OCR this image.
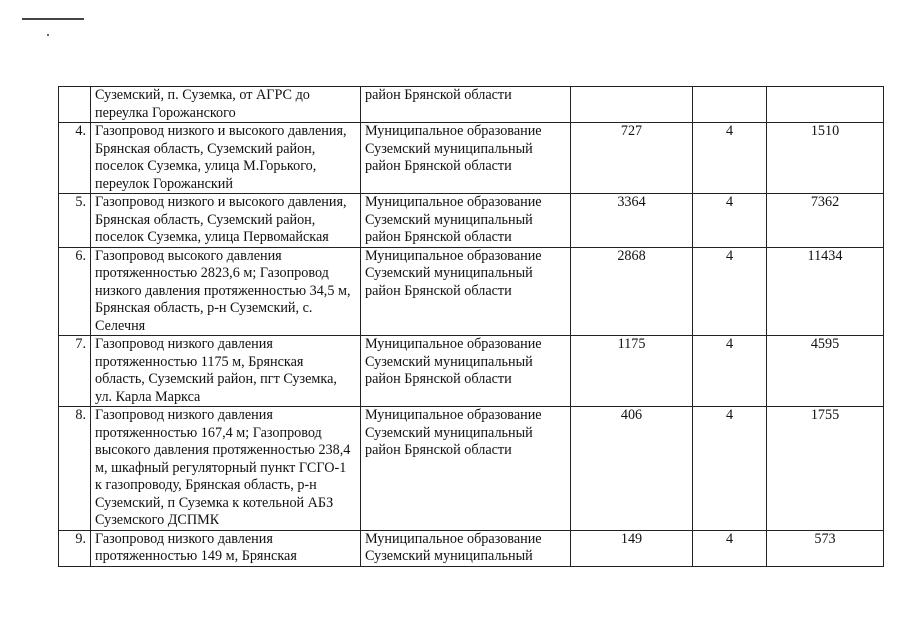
	Суземский, п. Суземка, от АГРС до переулка Горожанского	район Брянской области			
4.	Газопровод низкого и высокого давления, Брянская область, Суземский район, поселок Суземка, улица М.Горького, переулок Горожанский	Муниципальное образование Суземский муниципальный район Брянской области	727	4	1510
5.	Газопровод низкого и высокого давления, Брянская область, Суземский район, поселок Суземка, улица Первомайская	Муниципальное образование Суземский муниципальный район Брянской области	3364	4	7362
6.	Газопровод высокого давления протяженностью 2823,6 м; Газопровод низкого давления протяженностью 34,5 м, Брянская область, р-н Суземский, с. Селечня	Муниципальное образование Суземский муниципальный район Брянской области	2868	4	11434
7.	Газопровод низкого давления протяженностью 1175 м, Брянская область, Суземский район, пгт Суземка, ул. Карла Маркса	Муниципальное образование Суземский муниципальный район Брянской области	1175	4	4595
8.	Газопровод низкого давления протяженностью 167,4 м; Газопровод высокого давления протяженностью 238,4 м, шкафный регуляторный пункт ГСГО-1 к газопроводу, Брянская область, р-н Суземский, п Суземка к котельной АБЗ Суземского ДСПМК	Муниципальное образование Суземский муниципальный район Брянской области	406	4	1755
9.	Газопровод низкого давления протяженностью 149 м, Брянская	Муниципальное образование Суземский муниципальный	149	4	573
